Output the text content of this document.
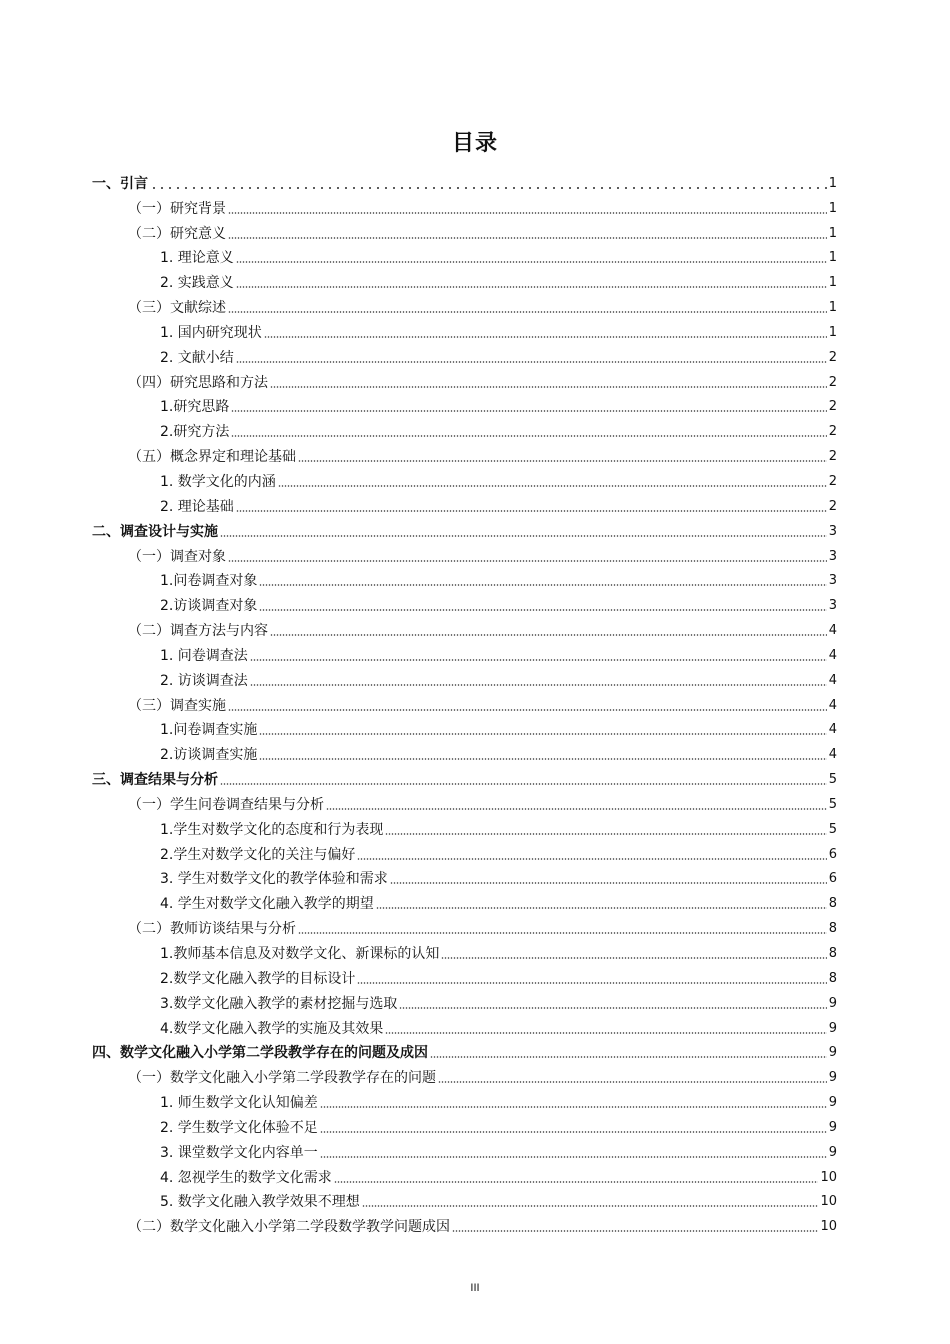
目录
一、引言	1
（一）研究背景	1
（二）研究意义	1
1. 理论意义	1
2. 实践意义	1
（三）文献综述	1
1. 国内研究现状	1
2. 文献小结	2
（四）研究思路和方法	2
1.研究思路	2
2.研究方法	2
（五）概念界定和理论基础	2
1. 数学文化的内涵	2
2. 理论基础	2
二、调查设计与实施	3
（一）调查对象	3
1.问卷调查对象	3
2.访谈调查对象	3
（二）调查方法与内容	4
1. 问卷调查法	4
2. 访谈调查法	4
（三）调查实施	4
1.问卷调查实施	4
2.访谈调查实施	4
三、调查结果与分析	5
（一）学生问卷调查结果与分析	5
1.学生对数学文化的态度和行为表现	5
2.学生对数学文化的关注与偏好	6
3. 学生对数学文化的教学体验和需求	6
4. 学生对数学文化融入教学的期望	8
（二）教师访谈结果与分析	8
1.教师基本信息及对数学文化、新课标的认知	8
2.数学文化融入教学的目标设计	8
3.数学文化融入教学的素材挖掘与选取	9
4.数学文化融入教学的实施及其效果	9
四、数学文化融入小学第二学段教学存在的问题及成因	9
（一）数学文化融入小学第二学段教学存在的问题	9
1. 师生数学文化认知偏差	9
2. 学生数学文化体验不足	9
3. 课堂数学文化内容单一	9
4. 忽视学生的数学文化需求	10
5. 数学文化融入教学效果不理想	10
（二）数学文化融入小学第二学段数学教学问题成因	10
III
